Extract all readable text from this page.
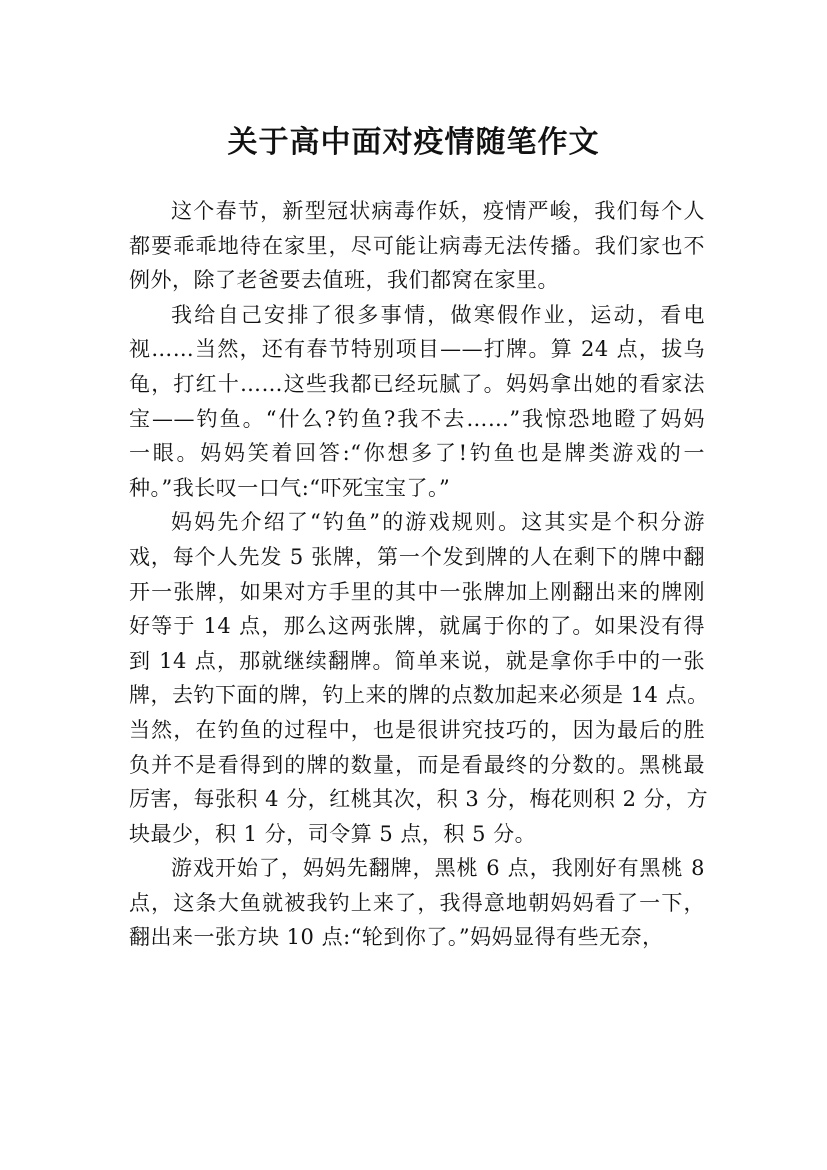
关于高中面对疫情随笔作文
这个春节，新型冠状病毒作妖，疫情严峻，我们每个人
都要乖乖地待在家里，尽可能让病毒无法传播。我们家也不
例外，除了老爸要去值班，我们都窝在家里。
我给自己安排了很多事情，做寒假作业，运动，看电
视……当然，还有春节特别项目——打牌。算 24 点，拔乌
龟，打红十……这些我都已经玩腻了。妈妈拿出她的看家法
宝——钓鱼。“什么?钓鱼?我不去……”我惊恐地瞪了妈妈
一眼。妈妈笑着回答:“你想多了!钓鱼也是牌类游戏的一
种。”我长叹一口气:“吓死宝宝了。”
妈妈先介绍了“钓鱼”的游戏规则。这其实是个积分游
戏，每个人先发 5 张牌，第一个发到牌的人在剩下的牌中翻
开一张牌，如果对方手里的其中一张牌加上刚翻出来的牌刚
好等于 14 点，那么这两张牌，就属于你的了。如果没有得
到 14 点，那就继续翻牌。简单来说，就是拿你手中的一张
牌，去钓下面的牌，钓上来的牌的点数加起来必须是 14 点。
当然，在钓鱼的过程中，也是很讲究技巧的，因为最后的胜
负并不是看得到的牌的数量，而是看最终的分数的。黑桃最
厉害，每张积 4 分，红桃其次，积 3 分，梅花则积 2 分，方
块最少，积 1 分，司令算 5 点，积 5 分。
游戏开始了，妈妈先翻牌，黑桃 6 点，我刚好有黑桃 8
点，这条大鱼就被我钓上来了，我得意地朝妈妈看了一下，
翻出来一张方块 10 点:“轮到你了。”妈妈显得有些无奈，
